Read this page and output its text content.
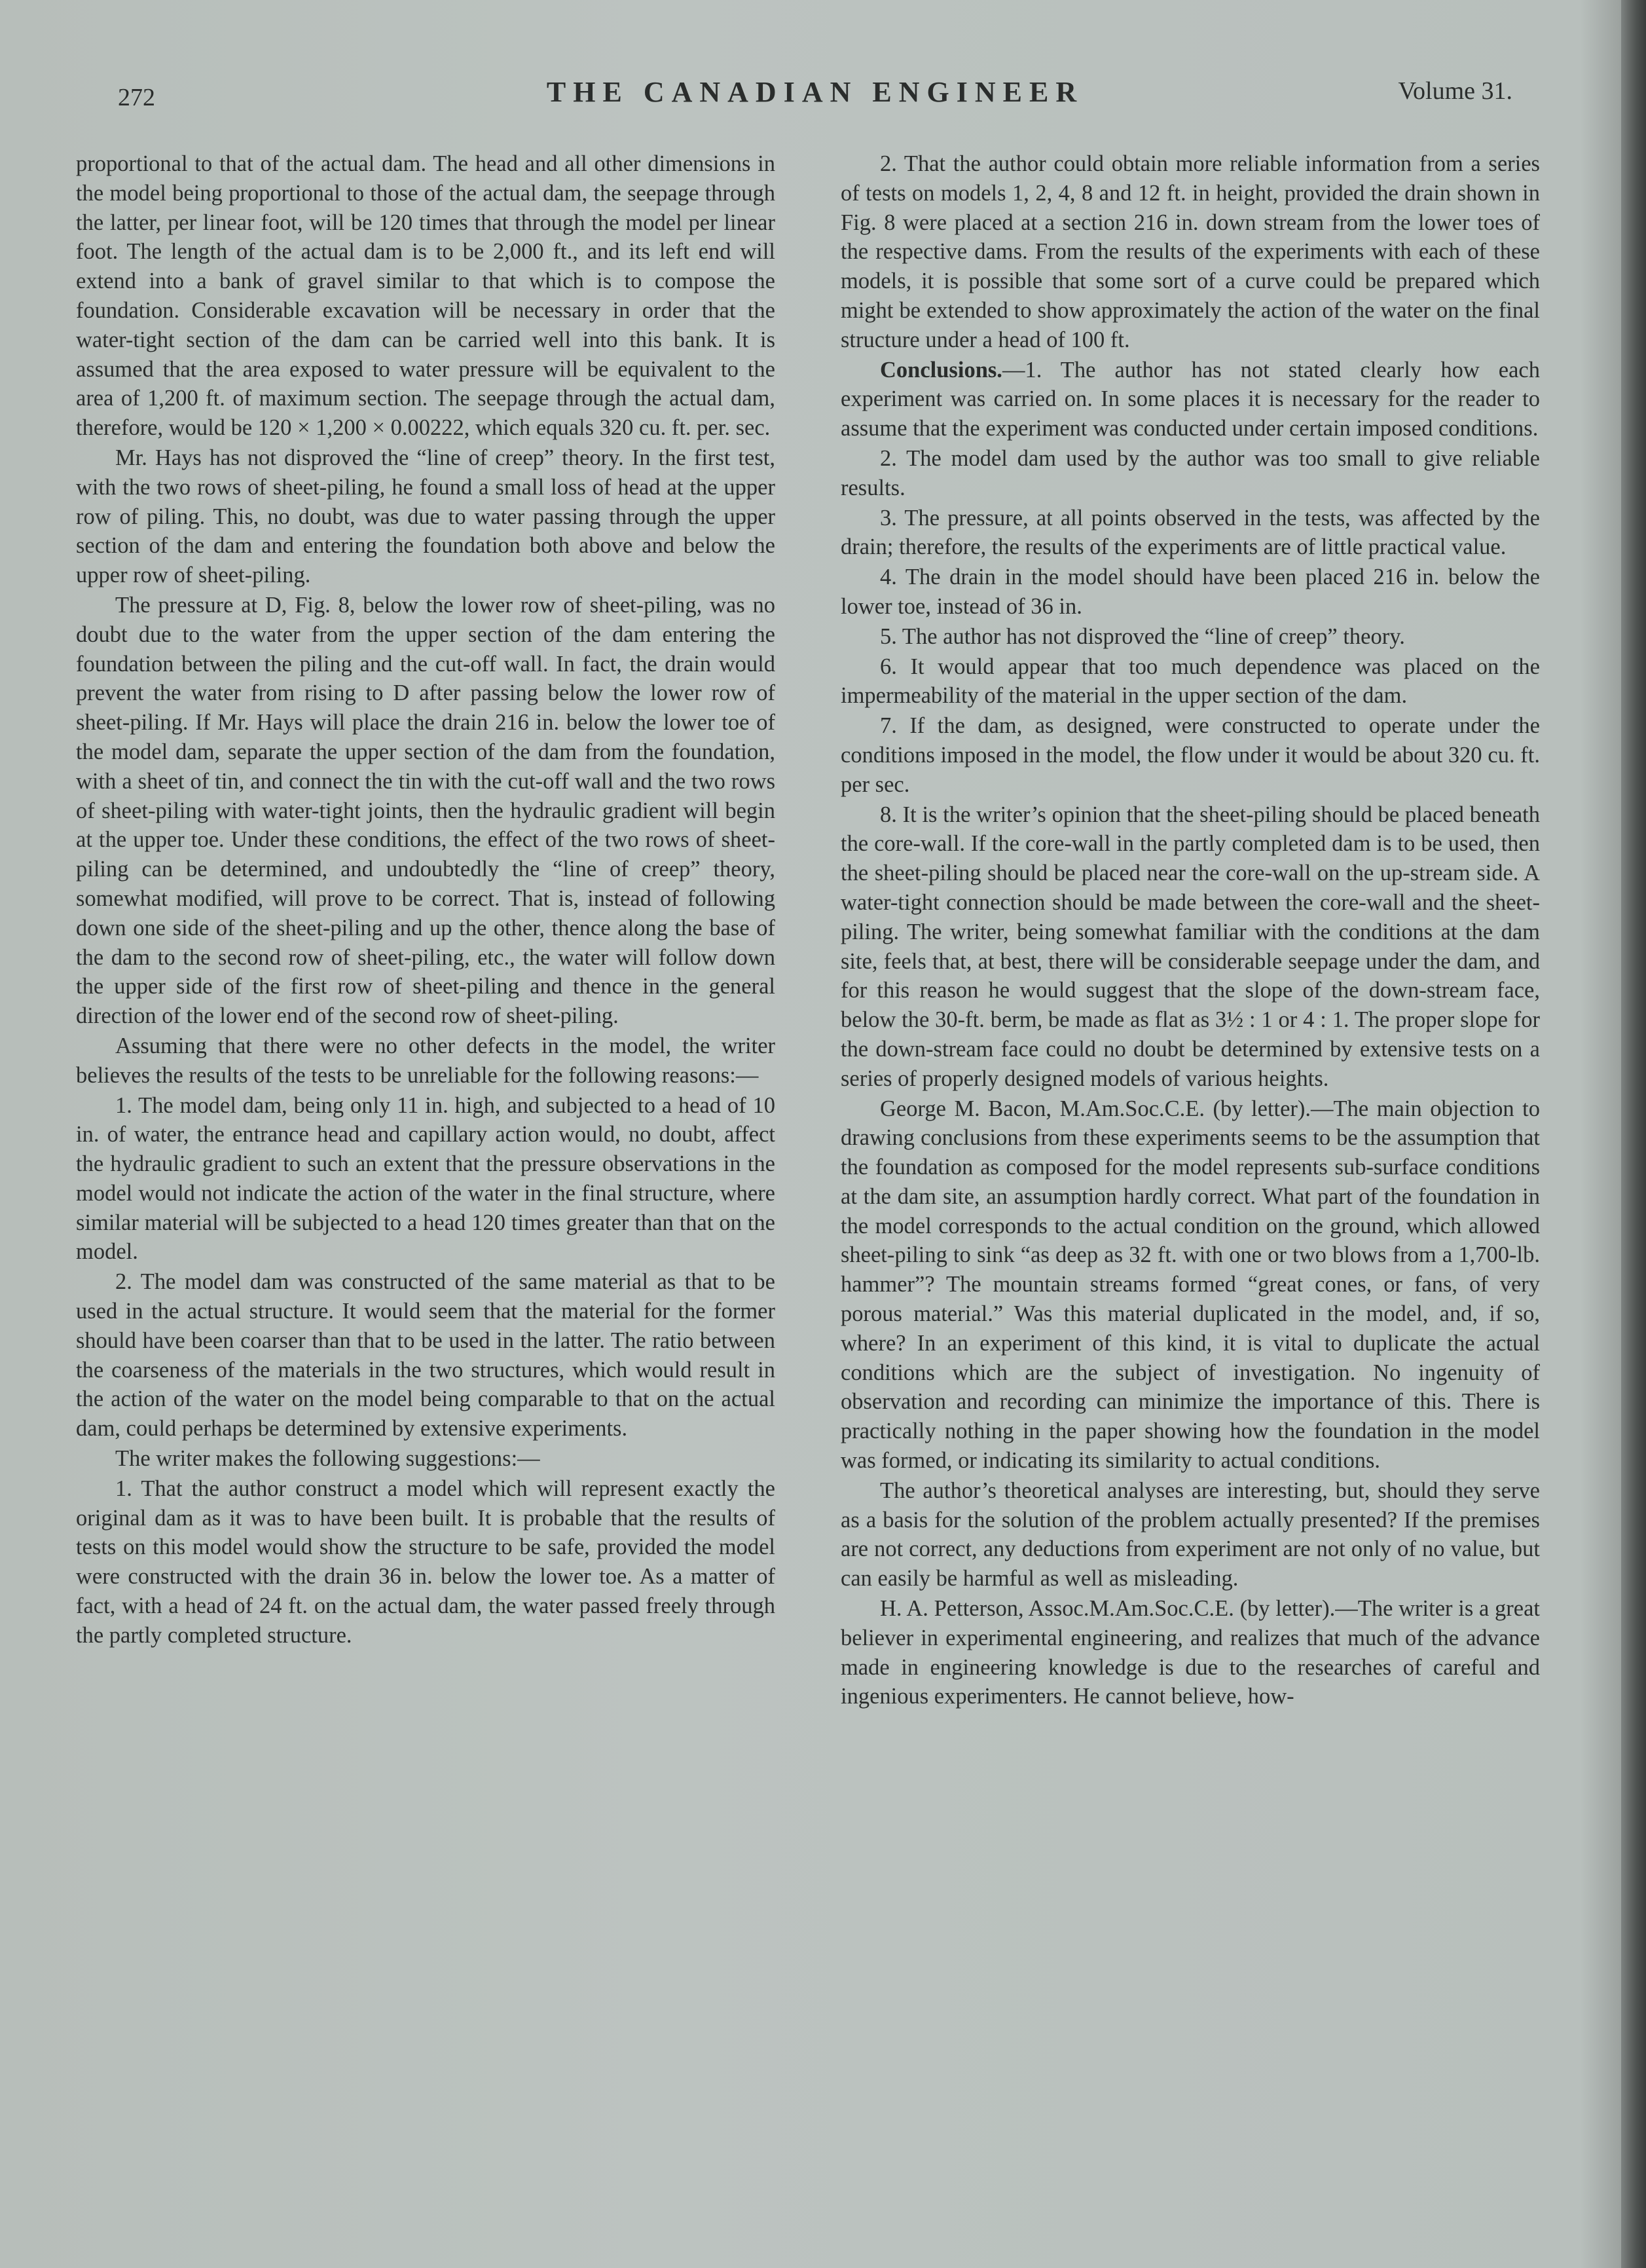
272	THE CANADIAN ENGINEER	Volume 31.

proportional to that of the actual dam. The head and all other dimensions in the model being proportional to those of the actual dam, the seepage through the latter, per linear foot, will be 120 times that through the model per linear foot. The length of the actual dam is to be 2,000 ft., and its left end will extend into a bank of gravel similar to that which is to compose the foundation. Considerable excavation will be necessary in order that the water-tight section of the dam can be carried well into this bank. It is assumed that the area exposed to water pressure will be equivalent to the area of 1,200 ft. of maximum section. The seepage through the actual dam, therefore, would be 120 × 1,200 × 0.00222, which equals 320 cu. ft. per. sec.

Mr. Hays has not disproved the “line of creep” theory. In the first test, with the two rows of sheet-piling, he found a small loss of head at the upper row of piling. This, no doubt, was due to water passing through the upper section of the dam and entering the foundation both above and below the upper row of sheet-piling.

The pressure at D, Fig. 8, below the lower row of sheet-piling, was no doubt due to the water from the upper section of the dam entering the foundation between the piling and the cut-off wall. In fact, the drain would prevent the water from rising to D after passing below the lower row of sheet-piling. If Mr. Hays will place the drain 216 in. below the lower toe of the model dam, separate the upper section of the dam from the foundation, with a sheet of tin, and connect the tin with the cut-off wall and the two rows of sheet-piling with water-tight joints, then the hydraulic gradient will begin at the upper toe. Under these conditions, the effect of the two rows of sheet-piling can be determined, and undoubtedly the “line of creep” theory, somewhat modified, will prove to be correct. That is, instead of following down one side of the sheet-piling and up the other, thence along the base of the dam to the second row of sheet-piling, etc., the water will follow down the upper side of the first row of sheet-piling and thence in the general direction of the lower end of the second row of sheet-piling.

Assuming that there were no other defects in the model, the writer believes the results of the tests to be unreliable for the following reasons:—

1. The model dam, being only 11 in. high, and subjected to a head of 10 in. of water, the entrance head and capillary action would, no doubt, affect the hydraulic gradient to such an extent that the pressure observations in the model would not indicate the action of the water in the final structure, where similar material will be subjected to a head 120 times greater than that on the model.

2. The model dam was constructed of the same material as that to be used in the actual structure. It would seem that the material for the former should have been coarser than that to be used in the latter. The ratio between the coarseness of the materials in the two structures, which would result in the action of the water on the model being comparable to that on the actual dam, could perhaps be determined by extensive experiments.

The writer makes the following suggestions:—

1. That the author construct a model which will represent exactly the original dam as it was to have been built. It is probable that the results of tests on this model would show the structure to be safe, provided the model were constructed with the drain 36 in. below the lower toe. As a matter of fact, with a head of 24 ft. on the actual dam, the water passed freely through the partly completed structure.

2. That the author could obtain more reliable information from a series of tests on models 1, 2, 4, 8 and 12 ft. in height, provided the drain shown in Fig. 8 were placed at a section 216 in. down stream from the lower toes of the respective dams. From the results of the experiments with each of these models, it is possible that some sort of a curve could be prepared which might be extended to show approximately the action of the water on the final structure under a head of 100 ft.

Conclusions.—1. The author has not stated clearly how each experiment was carried on. In some places it is necessary for the reader to assume that the experiment was conducted under certain imposed conditions.

2. The model dam used by the author was too small to give reliable results.

3. The pressure, at all points observed in the tests, was affected by the drain; therefore, the results of the experiments are of little practical value.

4. The drain in the model should have been placed 216 in. below the lower toe, instead of 36 in.

5. The author has not disproved the “line of creep” theory.

6. It would appear that too much dependence was placed on the impermeability of the material in the upper section of the dam.

7. If the dam, as designed, were constructed to operate under the conditions imposed in the model, the flow under it would be about 320 cu. ft. per sec.

8. It is the writer’s opinion that the sheet-piling should be placed beneath the core-wall. If the core-wall in the partly completed dam is to be used, then the sheet-piling should be placed near the core-wall on the up-stream side. A water-tight connection should be made between the core-wall and the sheet-piling. The writer, being somewhat familiar with the conditions at the dam site, feels that, at best, there will be considerable seepage under the dam, and for this reason he would suggest that the slope of the down-stream face, below the 30-ft. berm, be made as flat as 3½ : 1 or 4 : 1. The proper slope for the down-stream face could no doubt be determined by extensive tests on a series of properly designed models of various heights.

George M. Bacon, M.Am.Soc.C.E. (by letter).—The main objection to drawing conclusions from these experiments seems to be the assumption that the foundation as composed for the model represents sub-surface conditions at the dam site, an assumption hardly correct. What part of the foundation in the model corresponds to the actual condition on the ground, which allowed sheet-piling to sink “as deep as 32 ft. with one or two blows from a 1,700-lb. hammer”? The mountain streams formed “great cones, or fans, of very porous material.” Was this material duplicated in the model, and, if so, where? In an experiment of this kind, it is vital to duplicate the actual conditions which are the subject of investigation. No ingenuity of observation and recording can minimize the importance of this. There is practically nothing in the paper showing how the foundation in the model was formed, or indicating its similarity to actual conditions.

The author’s theoretical analyses are interesting, but, should they serve as a basis for the solution of the problem actually presented? If the premises are not correct, any deductions from experiment are not only of no value, but can easily be harmful as well as misleading.

H. A. Petterson, Assoc.M.Am.Soc.C.E. (by letter).—The writer is a great believer in experimental engineering, and realizes that much of the advance made in engineering knowledge is due to the researches of careful and ingenious experimenters. He cannot believe, how-
